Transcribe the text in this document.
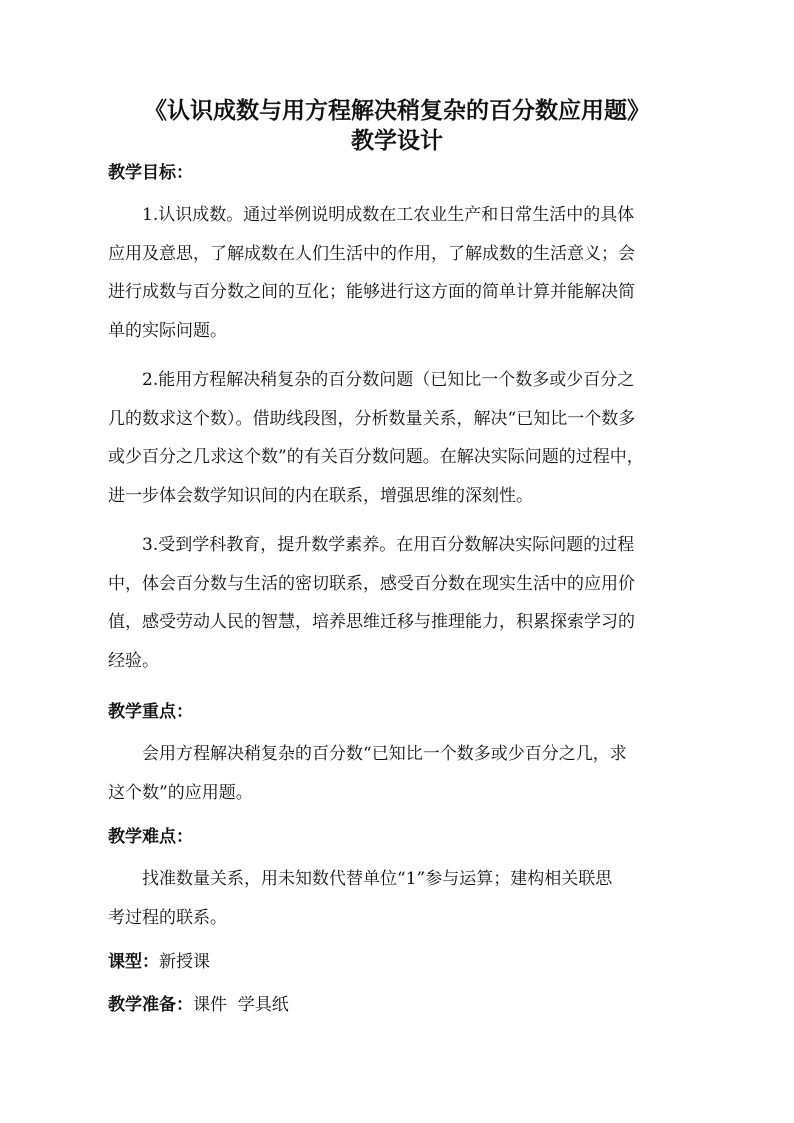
《认识成数与用方程解决稍复杂的百分数应用题》
教学设计
教学目标：
1.认识成数。通过举例说明成数在工农业生产和日常生活中的具体
应用及意思，了解成数在人们生活中的作用，了解成数的生活意义；会
进行成数与百分数之间的互化；能够进行这方面的简单计算并能解决简
单的实际问题。
2.能用方程解决稍复杂的百分数问题（已知比一个数多或少百分之
几的数求这个数）。借助线段图，分析数量关系，解决“已知比一个数多
或少百分之几求这个数”的有关百分数问题。在解决实际问题的过程中，
进一步体会数学知识间的内在联系，增强思维的深刻性。
3.受到学科教育，提升数学素养。在用百分数解决实际问题的过程
中，体会百分数与生活的密切联系，感受百分数在现实生活中的应用价
值，感受劳动人民的智慧，培养思维迁移与推理能力，积累探索学习的
经验。
教学重点：
会用方程解决稍复杂的百分数“已知比一个数多或少百分之几，求
这个数”的应用题。
教学难点：
找准数量关系，用未知数代替单位“1”参与运算；建构相关联思
考过程的联系。
课型：新授课
教学准备：课件  学具纸
